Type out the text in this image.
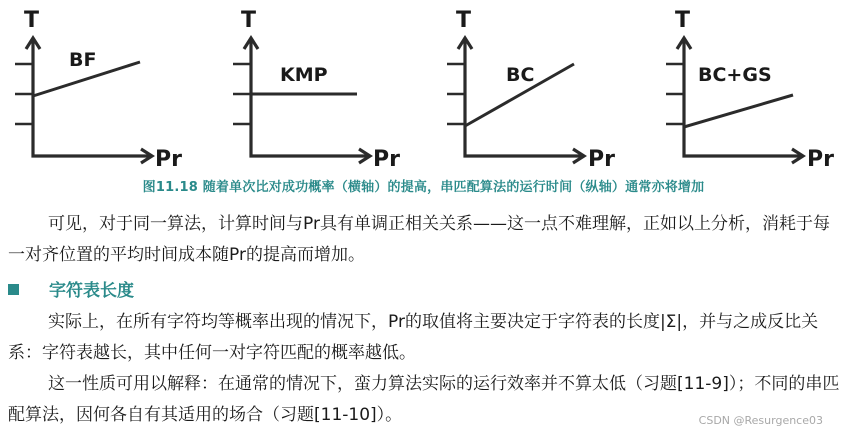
T
Pr
BF
T
Pr
KMP
T
Pr
BC
T
Pr
BC+GS
图11.18 随着单次比对成功概率（横轴）的提高，串匹配算法的运行时间（纵轴）通常亦将增加
可见，对于同一算法，计算时间与Pr具有单调正相关关系——这一点不难理解，正如以上分析，消耗于每一对齐位置的平均时间成本随Pr的提高而增加。
字符表长度
实际上，在所有字符均等概率出现的情况下，Pr的取值将主要决定于字符表的长度|Σ|，并与之成反比关系：字符表越长，其中任何一对字符匹配的概率越低。
这一性质可用以解释：在通常的情况下，蛮力算法实际的运行效率并不算太低（习题[11-9]）；不同的串匹配算法，因何各自有其适用的场合（习题[11-10]）。	CSDN @Resurgence03
